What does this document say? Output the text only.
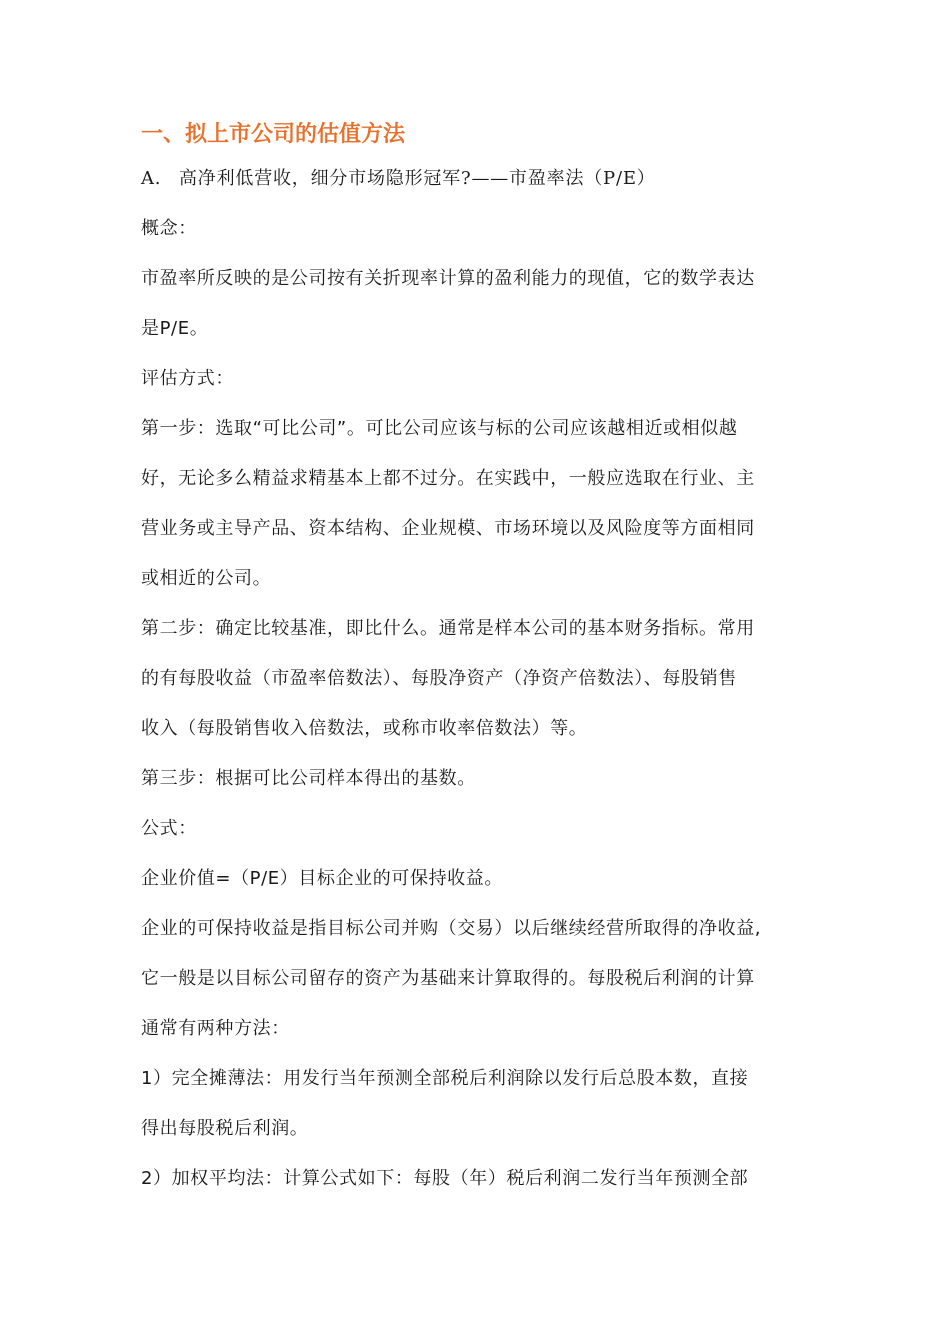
一、拟上市公司的估值方法
A. 高净利低营收，细分市场隐形冠军?——市盈率法（P/E）
概念：
市盈率所反映的是公司按有关折现率计算的盈利能力的现值，它的数学表达
是P/E。
评估方式：
第一步：选取“可比公司”。可比公司应该与标的公司应该越相近或相似越
好，无论多么精益求精基本上都不过分。在实践中，一般应选取在行业、主
营业务或主导产品、资本结构、企业规模、市场环境以及风险度等方面相同
或相近的公司。
第二步：确定比较基准，即比什么。通常是样本公司的基本财务指标。常用
的有每股收益（市盈率倍数法）、每股净资产（净资产倍数法）、每股销售
收入（每股销售收入倍数法，或称市收率倍数法）等。
第三步：根据可比公司样本得出的基数。
公式：
企业价值=（P/E）目标企业的可保持收益。
企业的可保持收益是指目标公司并购（交易）以后继续经营所取得的净收益,
它一般是以目标公司留存的资产为基础来计算取得的。每股税后利润的计算
通常有两种方法：
1）完全摊薄法：用发行当年预测全部税后利润除以发行后总股本数，直接
得出每股税后利润。
2）加权平均法：计算公式如下：每股（年）税后利润二发行当年预测全部
